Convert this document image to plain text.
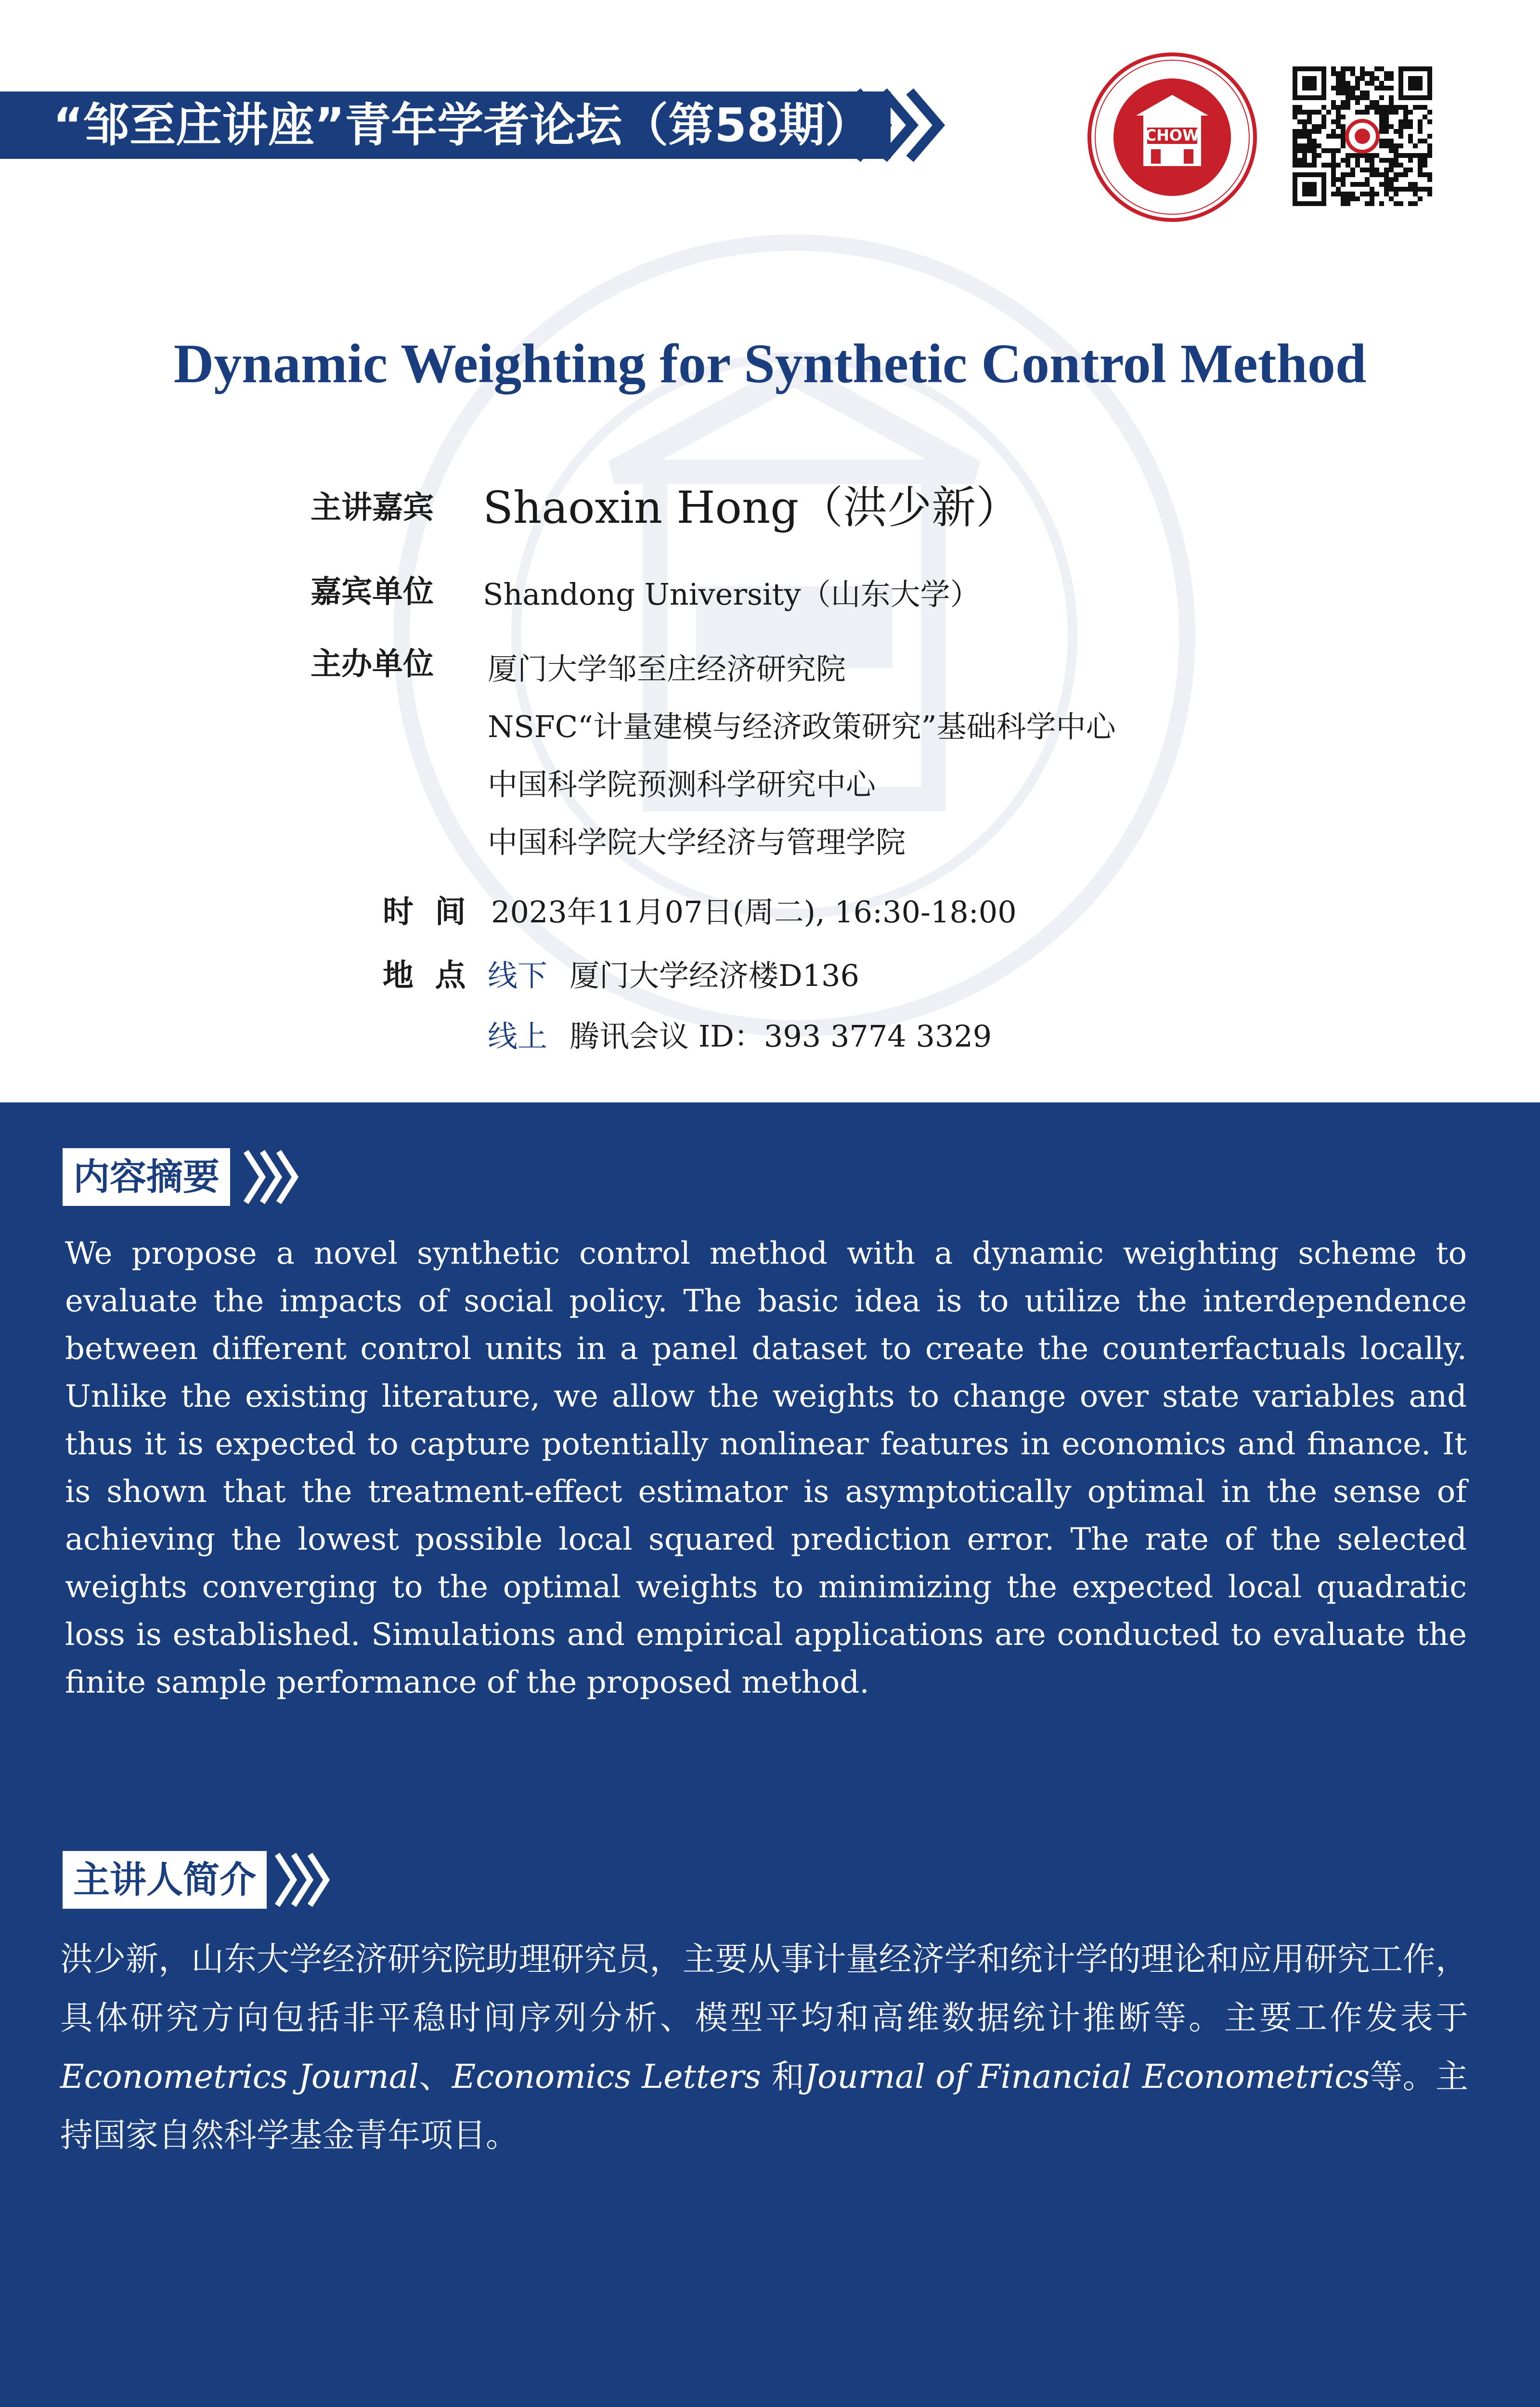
“邹至庄讲座”青年学者论坛（第58期）	CHOW
Dynamic Weighting for Synthetic Control Method
主讲嘉宾 Shaoxin Hong（洪少新）
嘉宾单位 Shandong University（山东大学）
主办单位 厦门大学邹至庄经济研究院
NSFC“计量建模与经济政策研究”基础科学中心
中国科学院预测科学研究中心
中国科学院大学经济与管理学院
时  间 2023年11月07日(周二), 16:30-18:00
地  点 线下 厦门大学经济楼D136
线上 腾讯会议 ID：393 3774 3329
内容摘要
We propose a novel synthetic control method with a dynamic weighting scheme to evaluate the impacts of social policy. The basic idea is to utilize the interdependence between different control units in a panel dataset to create the counterfactuals locally. Unlike the existing literature, we allow the weights to change over state variables and thus it is expected to capture potentially nonlinear features in economics and finance. It is shown that the treatment-effect estimator is asymptotically optimal in the sense of achieving the lowest possible local squared prediction error. The rate of the selected weights converging to the optimal weights to minimizing the expected local quadratic loss is established. Simulations and empirical applications are conducted to evaluate the finite sample performance of the proposed method.
主讲人简介
洪少新，山东大学经济研究院助理研究员，主要从事计量经济学和统计学的理论和应用研究工作，具体研究方向包括非平稳时间序列分析、模型平均和高维数据统计推断等。主要工作发表于Econometrics Journal、Economics Letters 和Journal of Financial Econometrics等。主持国家自然科学基金青年项目。
